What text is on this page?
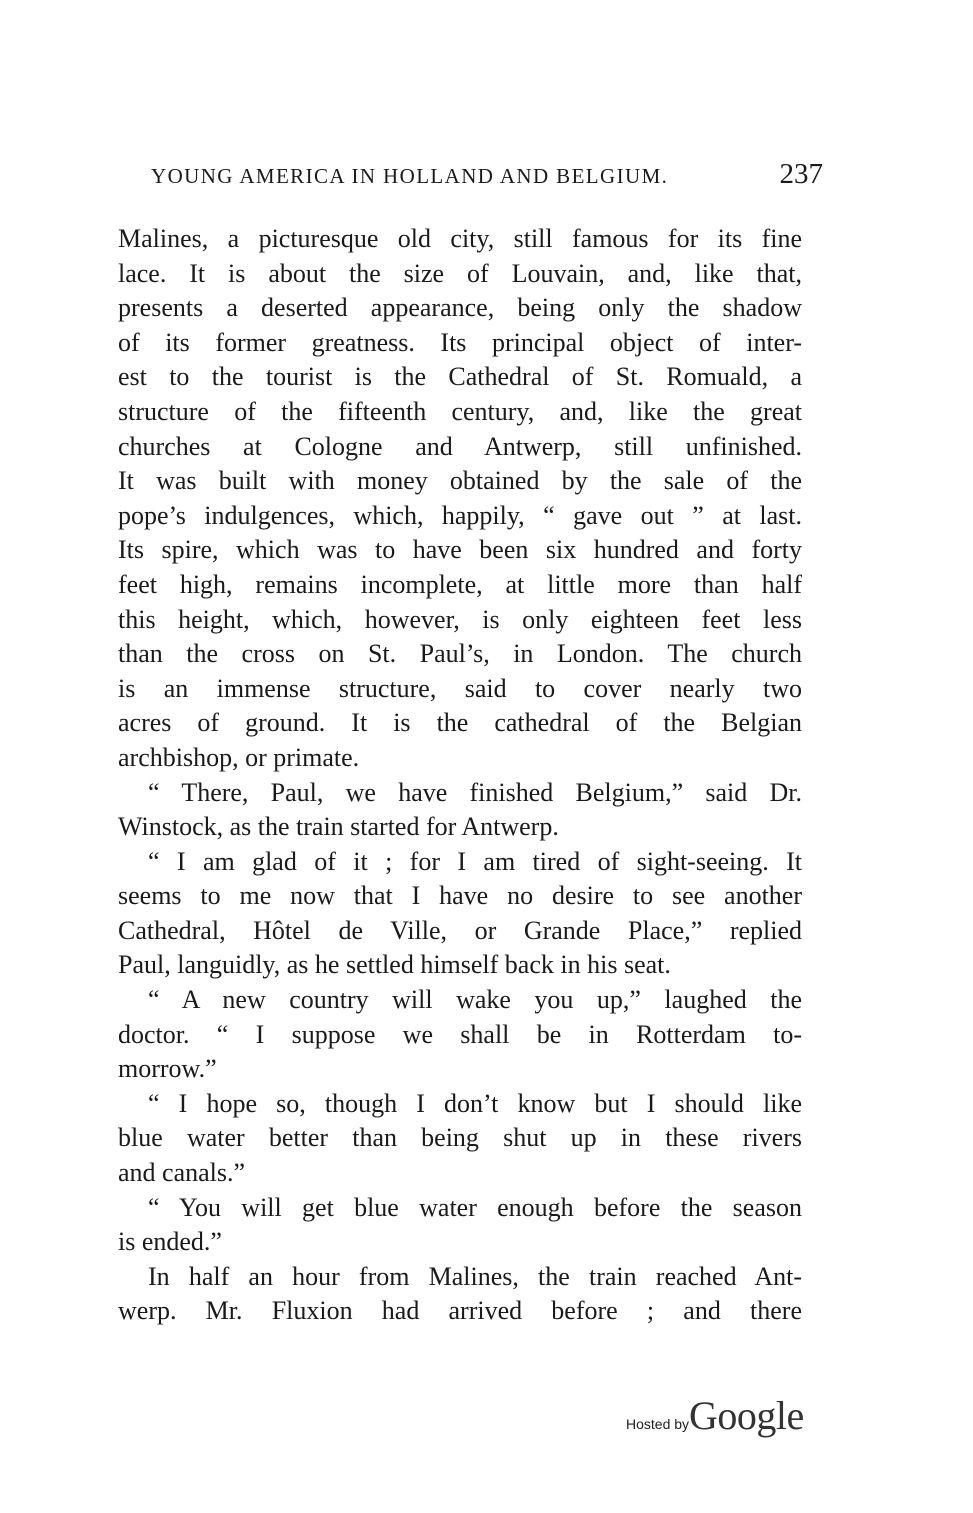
YOUNG AMERICA IN HOLLAND AND BELGIUM.	237
Malines, a picturesque old city, still famous for its fine
lace. It is about the size of Louvain, and, like that,
presents a deserted appearance, being only the shadow
of its former greatness. Its principal object of inter-
est to the tourist is the Cathedral of St. Romuald, a
structure of the fifteenth century, and, like the great
churches at Cologne and Antwerp, still unfinished.
It was built with money obtained by the sale of the
pope’s indulgences, which, happily, “ gave out ” at last.
Its spire, which was to have been six hundred and forty
feet high, remains incomplete, at little more than half
this height, which, however, is only eighteen feet less
than the cross on St. Paul’s, in London. The church
is an immense structure, said to cover nearly two
acres of ground. It is the cathedral of the Belgian
archbishop, or primate.
“ There, Paul, we have finished Belgium,” said Dr.
Winstock, as the train started for Antwerp.
“ I am glad of it ; for I am tired of sight-seeing. It
seems to me now that I have no desire to see another
Cathedral, Hôtel de Ville, or Grande Place,” replied
Paul, languidly, as he settled himself back in his seat.
“ A new country will wake you up,” laughed the
doctor. “ I suppose we shall be in Rotterdam to-
morrow.”
“ I hope so, though I don’t know but I should like
blue water better than being shut up in these rivers
and canals.”
“ You will get blue water enough before the season
is ended.”
In half an hour from Malines, the train reached Ant-
werp. Mr. Fluxion had arrived before ; and there
Hosted byGoogle
